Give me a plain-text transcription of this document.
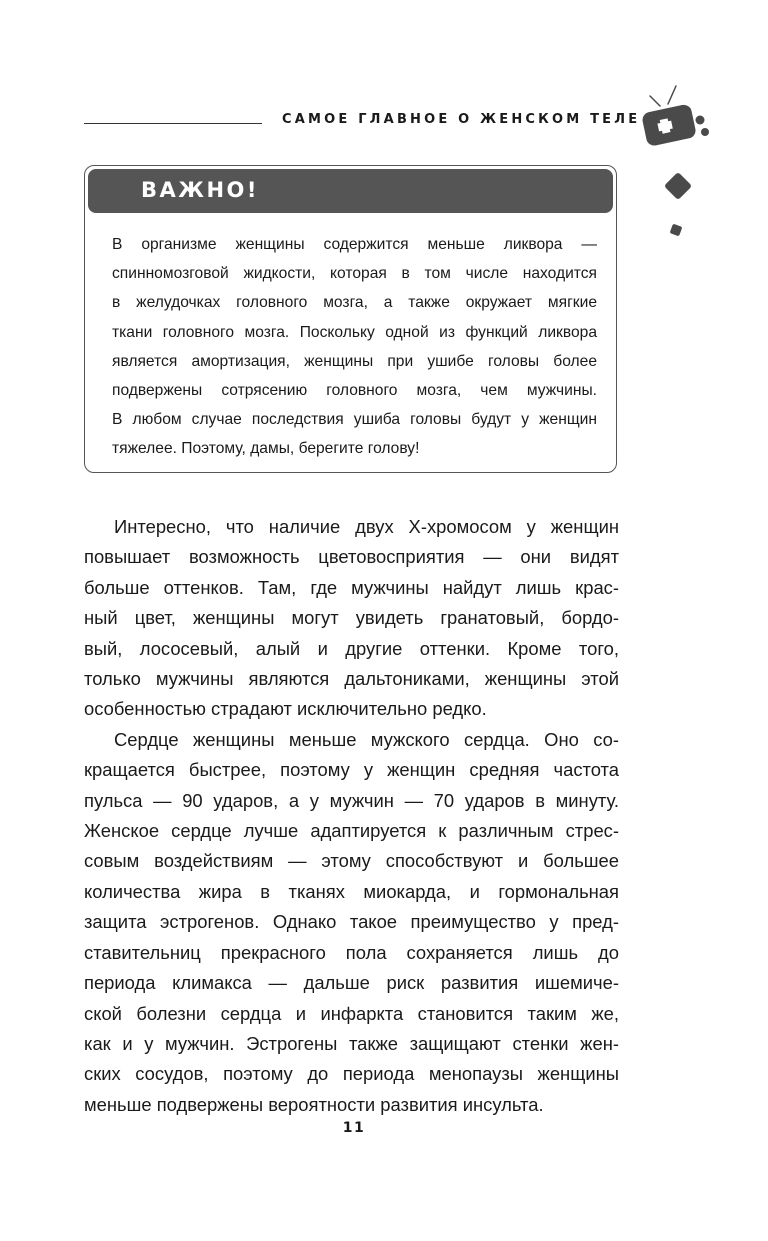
САМОЕ ГЛАВНОЕ О ЖЕНСКОМ ТЕЛЕ
ВАЖНО!
В организме женщины содержится меньше ликвора —
спинномозговой жидкости, которая в том числе находится
в желудочках головного мозга, а также окружает мягкие
ткани головного мозга. Поскольку одной из функций ликвора
является амортизация, женщины при ушибе головы более
подвержены сотрясению головного мозга, чем мужчины.
В любом случае последствия ушиба головы будут у женщин
тяжелее. Поэтому, дамы, берегите голову!
Интересно, что наличие двух Х-хромосом у женщин
повышает возможность цветовосприятия — они видят
больше оттенков. Там, где мужчины найдут лишь крас-
ный цвет, женщины могут увидеть гранатовый, бордо-
вый, лососевый, алый и другие оттенки. Кроме того,
только мужчины являются дальтониками, женщины этой
особенностью страдают исключительно редко.
Сердце женщины меньше мужского сердца. Оно со-
кращается быстрее, поэтому у женщин средняя частота
пульса — 90 ударов, а у мужчин — 70 ударов в минуту.
Женское сердце лучше адаптируется к различным стрес-
совым воздействиям — этому способствуют и большее
количества жира в тканях миокарда, и гормональная
защита эстрогенов. Однако такое преимущество у пред-
ставительниц прекрасного пола сохраняется лишь до
периода климакса — дальше риск развития ишемиче-
ской болезни сердца и инфаркта становится таким же,
как и у мужчин. Эстрогены также защищают стенки жен-
ских сосудов, поэтому до периода менопаузы женщины
меньше подвержены вероятности развития инсульта.
11
